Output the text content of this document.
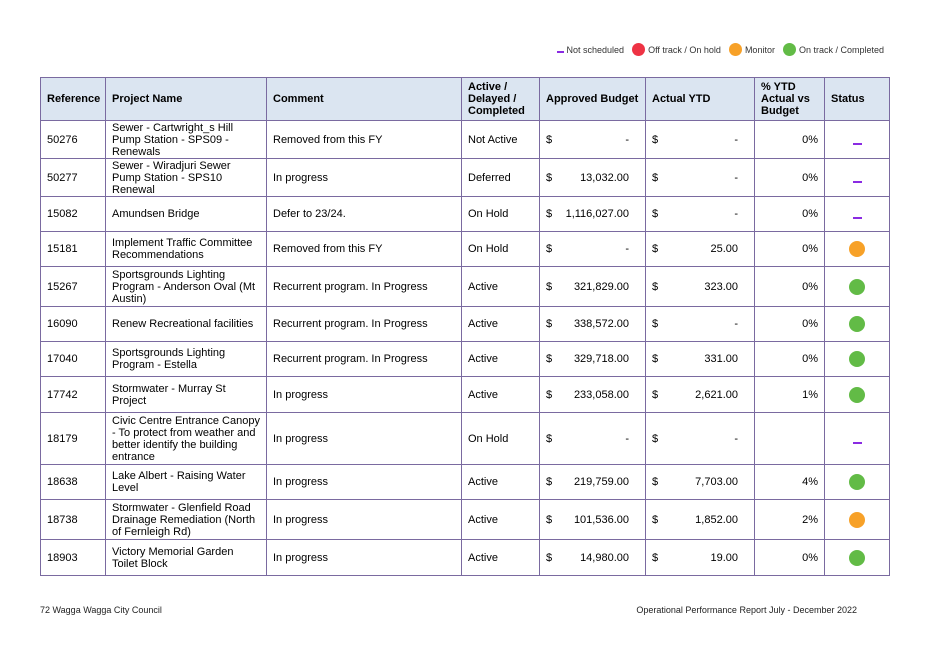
Not scheduled	Off track / On hold	Monitor	On track / Completed
Reference	Project Name	Comment	Active / Delayed / Completed	Approved Budget	Actual YTD	% YTD Actual vs Budget	Status
50276	Sewer - Cartwright_s Hill Pump Station - SPS09 - Renewals	Removed from this FY	Not Active	$ -	$ -	0%	
50277	Sewer - Wiradjuri Sewer Pump Station - SPS10 Renewal	In progress	Deferred	$ 13,032.00	$ -	0%	
15082	Amundsen Bridge	Defer to 23/24.	On Hold	$ 1,116,027.00	$ -	0%	
15181	Implement Traffic Committee Recommendations	Removed from this FY	On Hold	$ -	$ 25.00	0%	
15267	Sportsgrounds Lighting Program - Anderson Oval (Mt Austin)	Recurrent program. In Progress	Active	$ 321,829.00	$ 323.00	0%	
16090	Renew Recreational facilities	Recurrent program. In Progress	Active	$ 338,572.00	$ -	0%	
17040	Sportsgrounds Lighting Program - Estella	Recurrent program. In Progress	Active	$ 329,718.00	$ 331.00	0%	
17742	Stormwater - Murray St Project	In progress	Active	$ 233,058.00	$ 2,621.00	1%	
18179	Civic Centre Entrance Canopy - To protect from weather and better identify the building entrance	In progress	On Hold	$ -	$ -		

18638	Lake Albert - Raising Water Level	In progress	Active	$ 219,759.00	$ 7,703.00	4%	
18738	Stormwater - Glenfield Road Drainage Remediation (North of Fernleigh Rd)	In progress	Active	$ 101,536.00	$ 1,852.00	2%	
18903	Victory Memorial Garden Toilet Block	In progress	Active	$ 14,980.00	$ 19.00	0%	
72 Wagga Wagga City Council	Operational Performance Report July - December 2022
